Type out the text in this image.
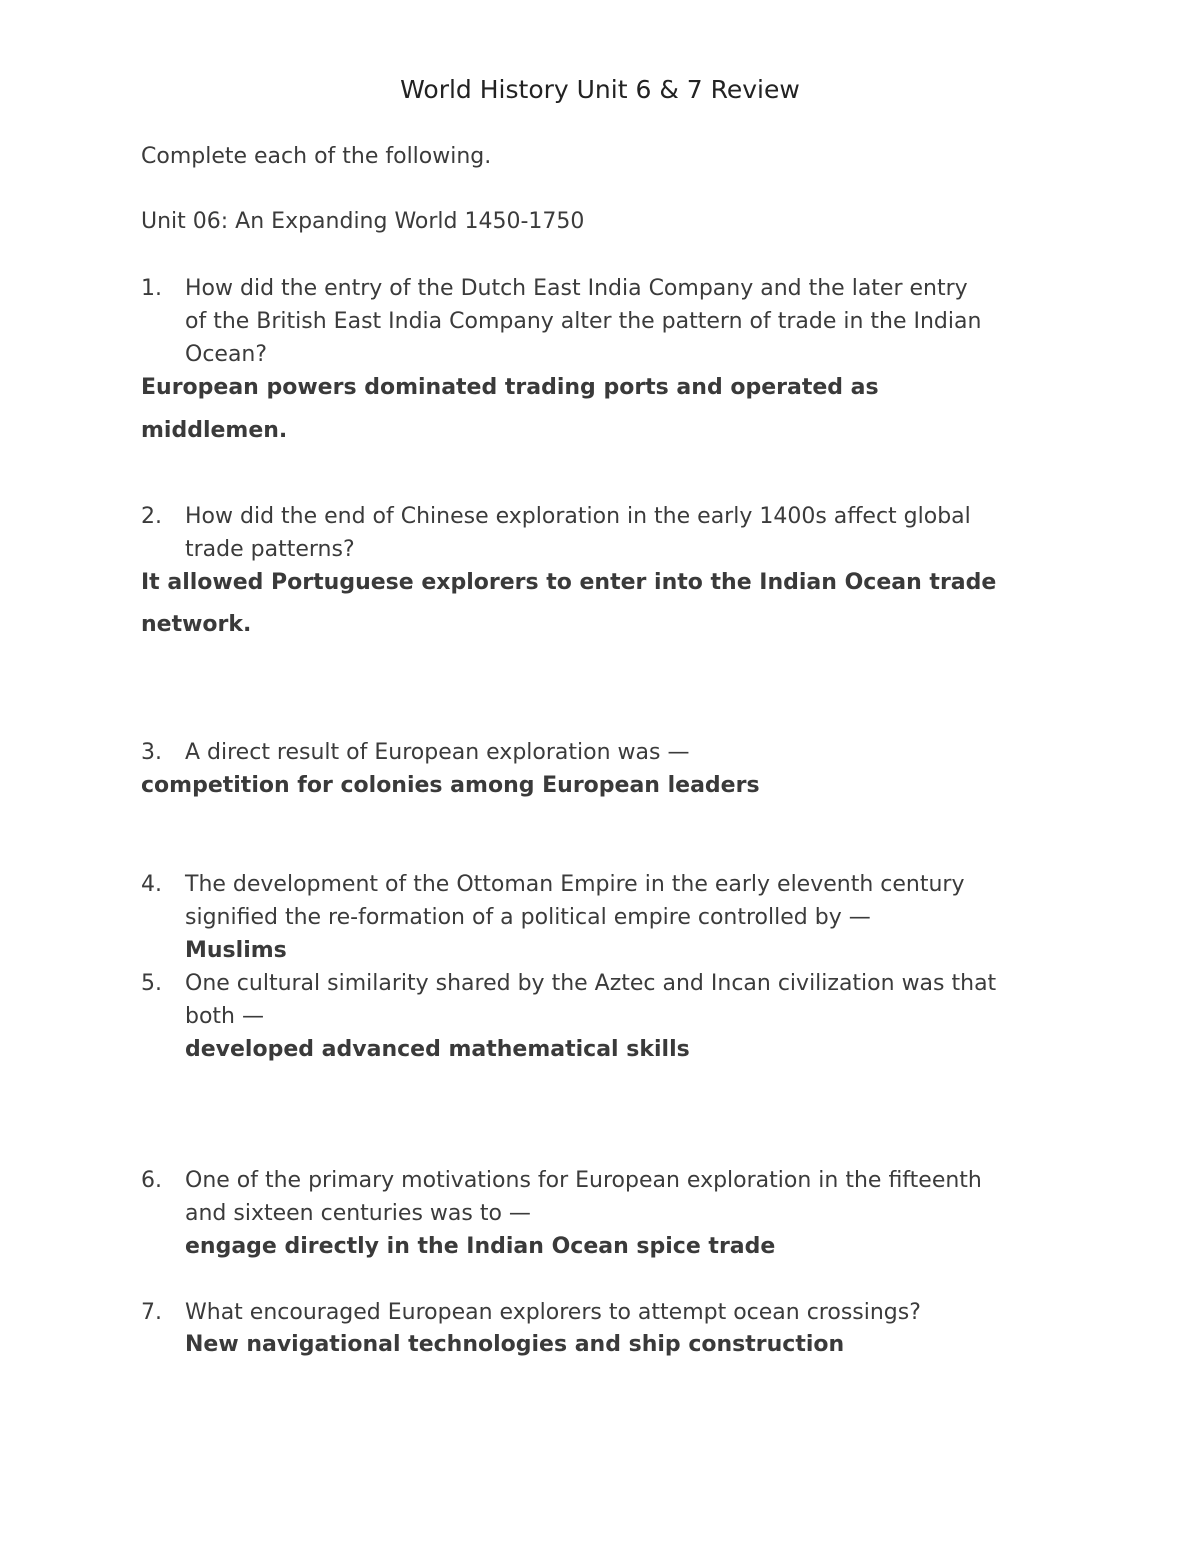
World History Unit 6 & 7 Review
Complete each of the following.
Unit 06: An Expanding World 1450-1750
1. How did the entry of the Dutch East India Company and the later entry
of the British East India Company alter the pattern of trade in the Indian
Ocean?
European powers dominated trading ports and operated as
middlemen.
2. How did the end of Chinese exploration in the early 1400s affect global
trade patterns?
It allowed Portuguese explorers to enter into the Indian Ocean trade
network.
3. A direct result of European exploration was —
competition for colonies among European leaders
4. The development of the Ottoman Empire in the early eleventh century
signified the re-formation of a political empire controlled by —
Muslims
5. One cultural similarity shared by the Aztec and Incan civilization was that
both —
developed advanced mathematical skills
6. One of the primary motivations for European exploration in the fifteenth
and sixteen centuries was to —
engage directly in the Indian Ocean spice trade
7. What encouraged European explorers to attempt ocean crossings?
New navigational technologies and ship construction
